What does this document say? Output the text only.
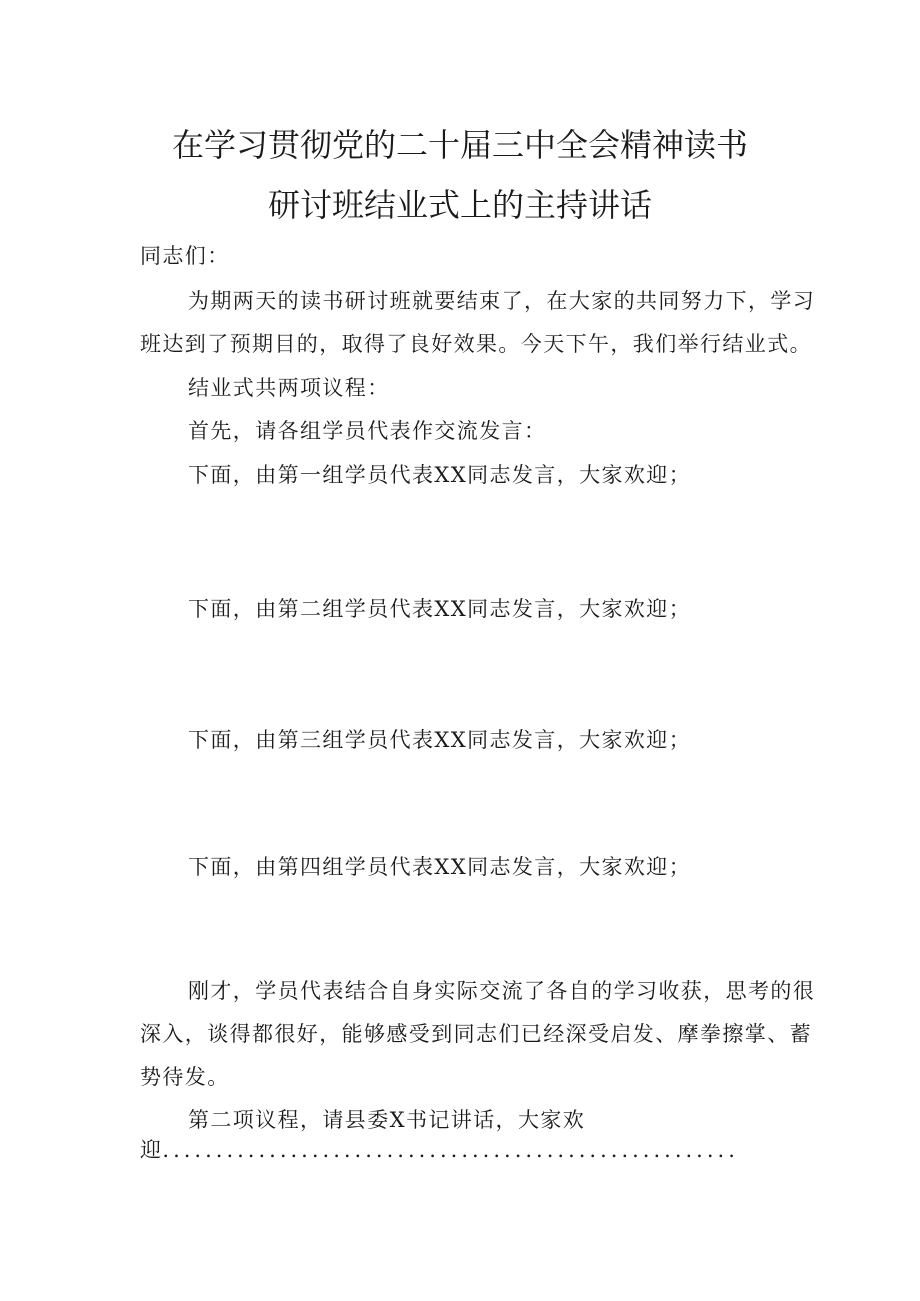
在学习贯彻党的二十届三中全会精神读书
研讨班结业式上的主持讲话
同志们：
为期两天的读书研讨班就要结束了，在大家的共同努力下，学习
班达到了预期目的，取得了良好效果。今天下午，我们举行结业式。
结业式共两项议程：
首先，请各组学员代表作交流发言：
下面，由第一组学员代表XX同志发言，大家欢迎；
下面，由第二组学员代表XX同志发言，大家欢迎；
下面，由第三组学员代表XX同志发言，大家欢迎；
下面，由第四组学员代表XX同志发言，大家欢迎；
刚才，学员代表结合自身实际交流了各自的学习收获，思考的很
深入，谈得都很好，能够感受到同志们已经深受启发、摩拳擦掌、蓄
势待发。
第二项议程，请县委X书记讲话，大家欢
迎......................................................
